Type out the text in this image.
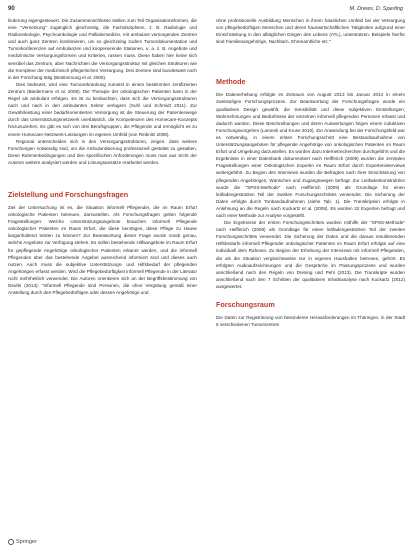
90	M. Drews, D. Sperling

linderung eigengesteuert. Die Zusammenschlüsse stellen zum Teil Organisationsformen, die eine "Vernetzung" zugänglich gleichzeitig, die Fachdisziplinen, z. B. Radiologie und Radioonkologie, Psychoonkologie und Palliativmedizin, mit ambulant versorgenden Zentren und auch ganz Zentren kombinieren, um so gleichzeitig zudem Tumordokumentation und Tumorkonferenzen auf Ambulanzen und kooperierende Stationen, u. a. z. B. Angebote und medizinische Versorgungsformen und Kriterien, rassen muss. Diese haben hier keine sich sensibel das Zentrum, aber Nachrichten die Versorgungsstruktur mit gleichen Strukturen wie die Komplexe der medizinisch-pflegerischen Versorgung. Drei Zentren sind bundesweit noch in der Forschung tätig (Bestimmung et al. 2008).

Dies bedeutet, wird eine Tumorerkrankung zumeist in einem bestimmten zertifizierten Zentrum (Biedermann et al. 2008). Die Therapie der onkologischen Patienten kann in der Regel als ambulant erfolgen. Es ist zu beobachten, dass sich die Versorgungsstrukturen nach und nach in den ambulanten Sektor verlagern (Suhl und Schmidt 2011). Zur Gewährleistung einer bedarfsorientierten Versorgung ist die Steuerung der Patientenwege durch das Unterstützungsnetzwerk unerlässlich, die Kompetenzen des Homecare-Konzepts hinzuzuziehen. Es gibt es sich von drei Berufsgruppen, die Pflegende und ermöglicht es zu einem Homecare-Netzwerk-Leistungen im eigenen Umfeld (von Reibnitz 2008).

Regional unterscheiden sich in den Versorgungsstrukturen, zeigen, dass weitere Forschungen notwendig sind, um die Ambulantisierung professionell gestaltet zu gestalten. Diese Rahmenbedingungen und den spezifischen Anforderungen muss man aus Sicht der Autoren weitere analysiert werden und Lösungsansätze erarbeitet werden.

Zielstellung und Forschungsfragen

Ziel der Untersuchung ist es, die Situation informell Pflegender, die im Raum Erfurt onkologische Patienten betreuen, darzustellen. Als Forschungsfragen gelten folgende Fragestellungen: Welche Unterstützungsangebote brauchen informell Pflegende onkologischer Patienten im Raum Erfurt, die diese benötigen, diese Pflege zu Hause langanhaltend leisten zu können? Zur Beantwortung dieser Frage wurde vorab genau, welche Angebote zur Verfügung stehen. Es sollen bestehende Hilfsangebote im Raum Erfurt für gepflegende Angehörige onkologischer Patienten erkannt werden, und die informell Pflegenden über das bestehende Angebot ausreichend informiert sind und dieses auch nutzen. Auch muss die subjektive Unterstützungs- und Hilfsbedarf der pflegenden Angehörigen erfasst werden. Wird die Pflegebedürftigkeit informell Pflegende in der Literatur nicht mehrheitlich verwendet. Die Autoren orientieren sich an der Begriffsbestimmung von Deufel (2013): "Informell Pflegende sind Personen, die ohne Vergütung gemäß einer Anstellung durch den Pflegebedürftigen oder dessen Angehörige und

ohne professionelle Ausbildung Menschen in ihrem häuslichen Umfeld bei der Versorgung von pflegebedürftigen Menschen und deren hauswirtschaftlichen Tätigkeiten aufgrund einer Einschränkung in den alltäglichen Dingen des Lebens (ATL), unterstützen. Beispiele hierfür sind Familienangehörige, Nachbarn, Ehrenamtliche etc."

Methode

Die Datenerhebung erfolgte im Zeitraum von August 2013 bis Januar 2014 in einem zweistufigen Forschungsprozess. Zur Beantwortung der Forschungsfragen wurde ein qualitatives Design gewählt, die Sensibilität und diese subjektiven Einstellungen, Wahrnehmungen und Bedürfnisse der einzelnen informell pflegenden Personen erfasst und dadurch wurden. Diese Beschreibungen und deren Auswertungen folgen einem induktiven Forschungsvorgehen (Lamnek und Kruse 2010). Zur Anwendung bei der Forschungsfeld war es notwendig, in einem ersten Forschungsschritt eine Bestandsaufnahme von Unterstützungsangeboten für pflegende Angehörige von onkologischen Patienten im Raum Erfurt und Umgebung darzustellen. Es wurden dazu Internetrecherchen durchgeführt und die Ergebnisse in einer Datenbank dokumentiert nach Helfferich (2009) wurden die zentralen Fragestellungen einer Onkologischen Expertin im Raum Erfurt durch Experteninterviews weitergeführt. Zu Beginn des Interviews wurden die Befragten nach ihrer Einschätzung von pflegenden Angehörigen, Wünschen und Zugangswegen befragt. Zur Leitfadenkonstruktion wurde die "SPSS-Methode" nach Helfferich (2009) als Grundlage für einen leitfadengestützten Teil der zweiten Forschungsschrittes verwendet. Die Sicherung der Daten erfolgte durch Tonbandaufnahmen (siehe Tab. 1). Die Transkription erfolgte in Anlehnung an die Regeln nach Kuckartz et al. (2008). Es wurden 32 Experten befragt und nach einer Methode zur Analyse vorgestellt.

Die Ergebnisse der ersten Forschungsschrittes wurden mithilfe der "SPSS-Methode" nach Helfferich (2009) als Grundlage für einen leitfadengestützten Teil der zweiten Forschungsschrittes verwendet. Die Sicherung der Daten und die daraus resultierenden Hilfsbedarfe informell Pflegender onkologischer Patienten im Raum Erfurt erfolgte auf eine individuell dem Rahmen. Zu Beginn der Erhebung der Interviews mit informell Pflegenden, die als die Situation vergleichsweise nur in eigenen Haushalten betreuen, gehört. Es erfolgten Audioaufzeichnungen und die Gespräche im Passungsprozess und wurden anschließend nach den Regeln von Dresing und Pehl (2013). Die Transkripte wurden anschließend nach den 7 Schritten der qualitativen Inhaltsanalyse nach Kuckartz (2012) ausgewertet.

Forschungsraum

Die Daten zur Registrierung von besonderen Herausforderungen im Thüringen, in der Stadt 5 verschiedenen Tumorzentren

Springer
